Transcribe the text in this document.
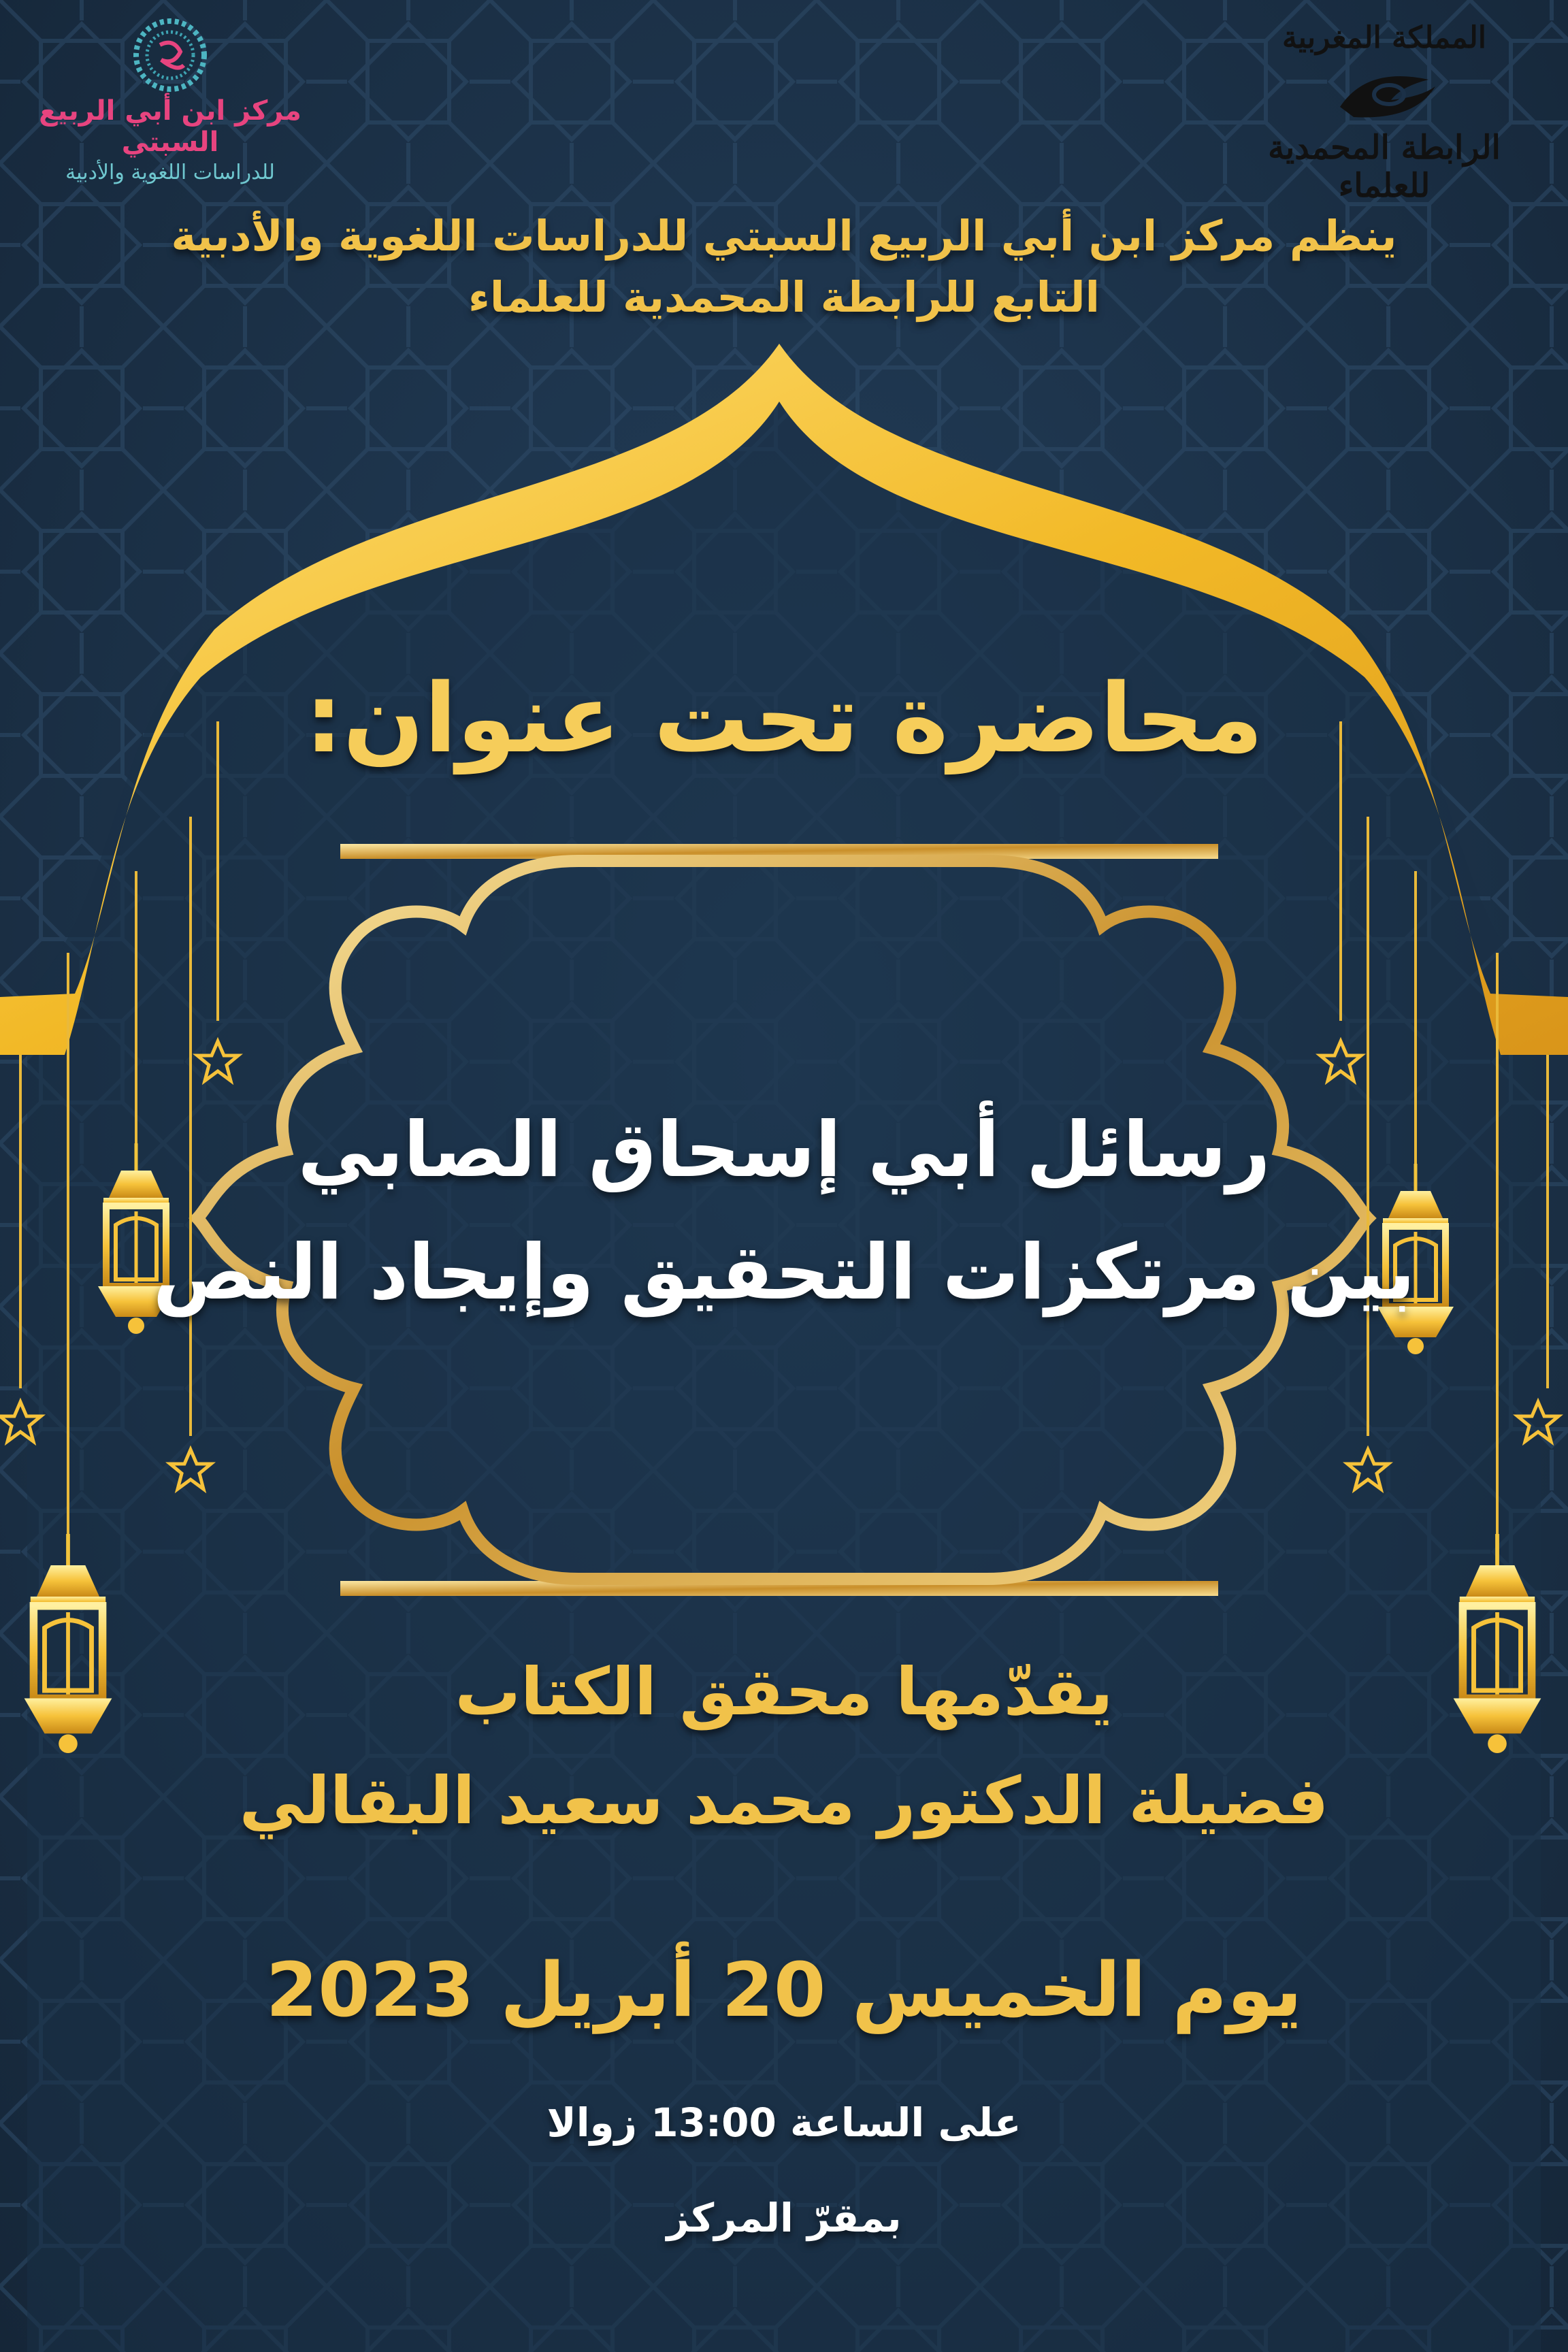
مركز ابن أبي الربيع السبتي
للدراسات اللغوية والأدبية
المملكة المغربية
الرابطة المحمدية للعلماء
ينظم مركز ابن أبي الربيع السبتي للدراسات اللغوية والأدبية
التابع للرابطة المحمدية للعلماء
محاضرة تحت عنوان:
رسائل أبي إسحاق الصابي
بين مرتكزات التحقيق وإيجاد النص
يقدّمها محقق الكتاب
فضيلة الدكتور محمد سعيد البقالي
يوم الخميس 20 أبريل 2023
على الساعة 13:00 زوالا
بمقرّ المركز
